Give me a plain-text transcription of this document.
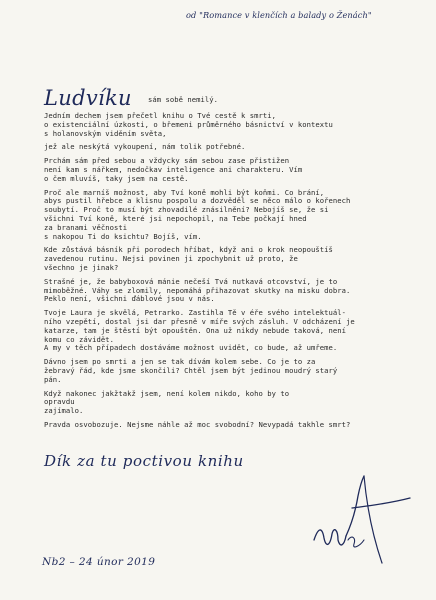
od "Romance v klenčích a balady o Ženách"
Ludvíku sám sobě nemilý.
Jedním dechem jsem přečetl knihu o Tvé cestě k smrti,
o existenciální úzkosti, o břemeni průměrného básnictví v kontextu
s holanovským viděním světa,
jež ale neskýtá vykoupení, nám tolik potřebné.
Prchám sám před sebou a vždycky sám sebou zase přistižen
není kam s nářkem, nedočkav inteligence ani charakteru. Vím
o čem mluvíš, taky jsem na cestě.
Proč ale marníš možnost, aby Tví koně mohli být koňmi. Co brání,
abys pustil hřebce a klisnu pospolu a dozvěděl se něco málo o kořenech
soubytí. Proč to musí být zhovadilé znásilnění? Nebojíš se, že si
všichni Tví koně, které jsi nepochopil, na Tebe počkají hned
za branami věčnosti
s nakopou Ti do ksichtu? Bojíš, vím.
Kde zůstává básník při porodech hříbat, když ani o krok neopouštíš
zavedenou rutinu. Nejsi povinen ji zpochybnit už proto, že
všechno je jinak?
Strašné je, že babyboxová mánie nečeší Tvá nutkavá otcovství, je to
mimoběžné. Váhy se zlomily, nepomáhá přihazovat skutky na misku dobra.
Peklo není, všichni ďáblové jsou v nás.
Tvoje Laura je skvělá, Petrarko. Zastihla Tě v éře svého intelektuál-
ního vzepětí, dostal jsi dar přesně v míře svých zásluh. V odcházení je
katarze, tam je štěstí být opouštěn. Ona už nikdy nebude taková, není
komu co závidět.
A my v těch případech dostáváme možnost uvidět, co bude, až umřeme.
Dávno jsem po smrti a jen se tak dívám kolem sebe. Co je to za
žebravý řád, kde jsme skončili? Chtěl jsem být jedinou moudrý starý
pán.
Když nakonec jakžtakž jsem, není kolem nikdo, koho by to
opravdu
zajímalo.
Pravda osvobozuje. Nejsme náhle až moc svobodní? Nevypadá takhle smrt?
Dík za tu poctivou knihu
Nb2 – 24 únor 2019
